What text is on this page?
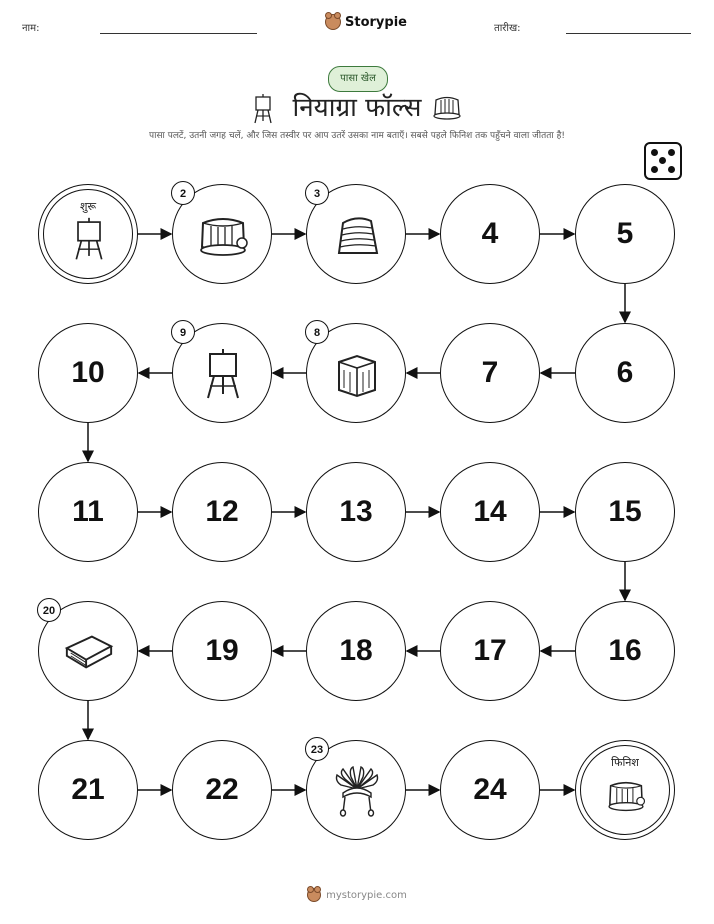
नाम:	Storypie	तारीख:
पासा खेल
नियाग्रा फॉल्स
पासा पलटें, उतनी जगह चलें, और जिस तस्वीर पर आप उतरें उसका नाम बताएँ। सबसे पहले फिनिश तक पहुँचने वाला जीतता है!
शुरू
2	3
4	5
6
7
8
9
10
11	12	13	14	15
16
17
18
19
20
21	22
23
24
फिनिश
mystorypie.com
